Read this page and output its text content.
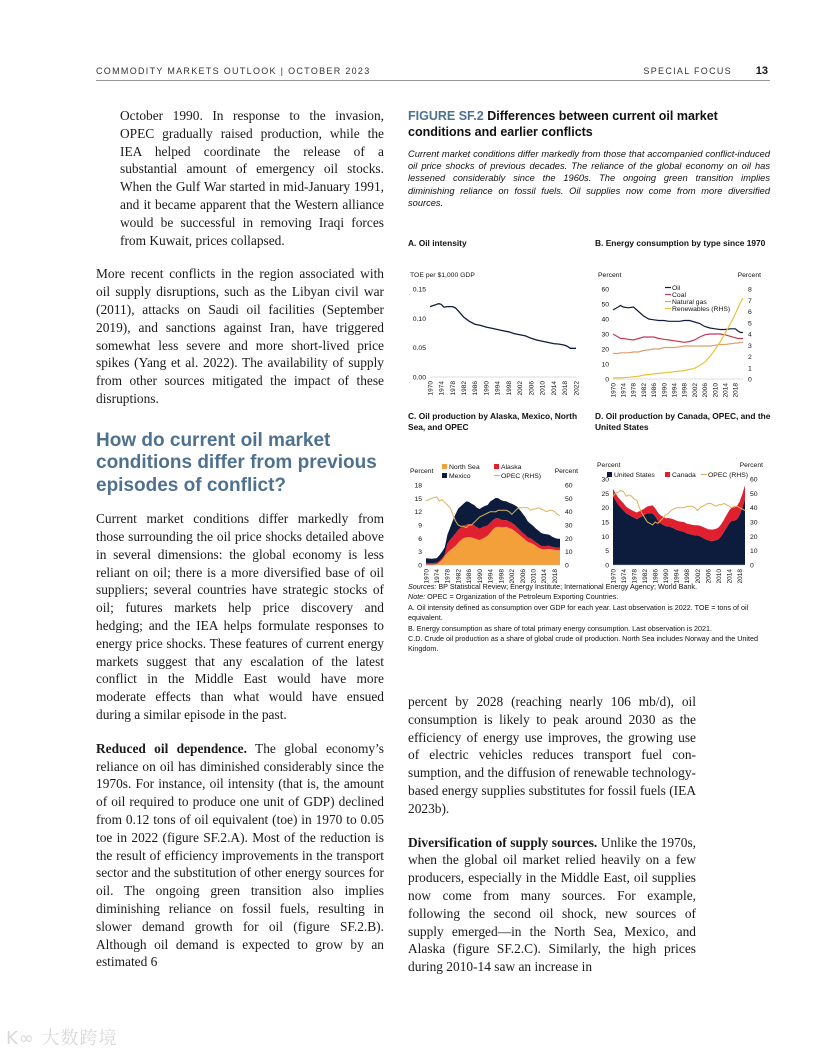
COMMODITY MARKETS OUTLOOK | OCTOBER 2023	SPECIAL FOCUS 13

October 1990. In response to the invasion, OPEC gradually raised production, while the IEA helped coordinate the release of a substantial amount of emergency oil stocks. When the Gulf War started in mid-January 1991, and it became apparent that the Western alliance would be successful in removing Iraqi forces from Kuwait, prices collapsed.

More recent conflicts in the region associated with oil supply disruptions, such as the Libyan civil war (2011), attacks on Saudi oil facilities (September 2019), and sanctions against Iran, have triggered somewhat less severe and more short-lived price spikes (Yang et al. 2022). The availability of supply from other sources mitigated the impact of these disruptions.

How do current oil market conditions differ from previous episodes of conflict?

Current market conditions differ markedly from those surrounding the oil price shocks detailed above in several dimensions: the global economy is less reliant on oil; there is a more diversified base of oil suppliers; several countries have strategic stocks of oil; futures markets help price discovery and hedging; and the IEA helps formulate responses to energy price shocks. These features of current energy markets suggest that any escalation of the latest conflict in the Middle East would have more moderate effects than what would have ensued during a similar episode in the past.

Reduced oil dependence. The global economy’s reliance on oil has diminished considerably since the 1970s. For instance, oil intensity (that is, the amount of oil required to produce one unit of GDP) declined from 0.12 tons of oil equivalent (toe) in 1970 to 0.05 toe in 2022 (figure SF.2.A). Most of the reduction is the result of efficiency improvements in the transport sector and the substitution of other energy sources for oil. The ongoing green transition also implies diminishing reliance on fossil fuels, resulting in slower demand growth for oil (figure SF.2.B). Although oil demand is expected to grow by an estimated 6

percent by 2028 (reaching nearly 106 mb/d), oil consumption is likely to peak around 2030 as the efficiency of energy use improves, the growing use of electric vehicles reduces transport fuel con-sumption, and the diffusion of renewable technology-based energy supplies substitutes for fossil fuels (IEA 2023b).

Diversification of supply sources. Unlike the 1970s, when the global oil market relied heavily on a few producers, especially in the Middle East, oil supplies now come from many sources. For example, following the second oil shock, new sources of supply emerged—in the North Sea, Mexico, and Alaska (figure SF.2.C). Similarly, the high prices during 2010-14 saw an increase in

FIGURE SF.2 Differences between current oil market conditions and earlier conflicts
Current market conditions differ markedly from those that accompanied conflict-induced oil price shocks of previous decades. The reliance of the global economy on oil has lessened considerably since the 1960s. The ongoing green transition implies diminishing reliance on fossil fuels. Oil supplies now come from more diversified sources.
A. Oil intensity
TOE per $1,000 GDP
0.00
0.05
0.10
0.15
1970 1974 1978 1982 1986 1990 1994 1998 2002 2006 2010 2014 2018 2022
B. Energy consumption by type since 1970
Percent	Percent
0
10
20
30
40
50
60
0
1
2
3
4
5
6
7
8
1970 1974 1978 1982 1986 1990 1994 1998 2002 2006 2010 2014 2018
Oil
Coal
Natural gas
Renewables (RHS)
C. Oil production by Alaska, Mexico, North Sea, and OPEC
Percent	Percent
0
3
6
9
12
15
18
0
10
20
30
40
50
60
1970 1974 1978 1982 1986 1990 1994 1998 2002 2006 2010 2014 2018
North Sea	Alaska
Mexico	OPEC (RHS)
D. Oil production by Canada, OPEC, and the United States
Percent	Percent
0
5
10
15
20
25
30
0
10
20
30
40
50
60
1970 1974 1978 1982 1986 1990 1994 1998 2002 2006 2010 2014 2018
United States	Canada OPEC (RHS)
Sources: BP Statistical Review; Energy Institute; International Energy Agency; World Bank.
Note: OPEC = Organization of the Petroleum Exporting Countries.
A. Oil intensity defined as consumption over GDP for each year. Last observation is 2022. TOE = tons of oil equivalent.
B. Energy consumption as share of total primary energy consumption. Last observation is 2021.
C.D. Crude oil production as a share of global crude oil production. North Sea includes Norway and the United Kingdom.
K∞ 大数跨境
